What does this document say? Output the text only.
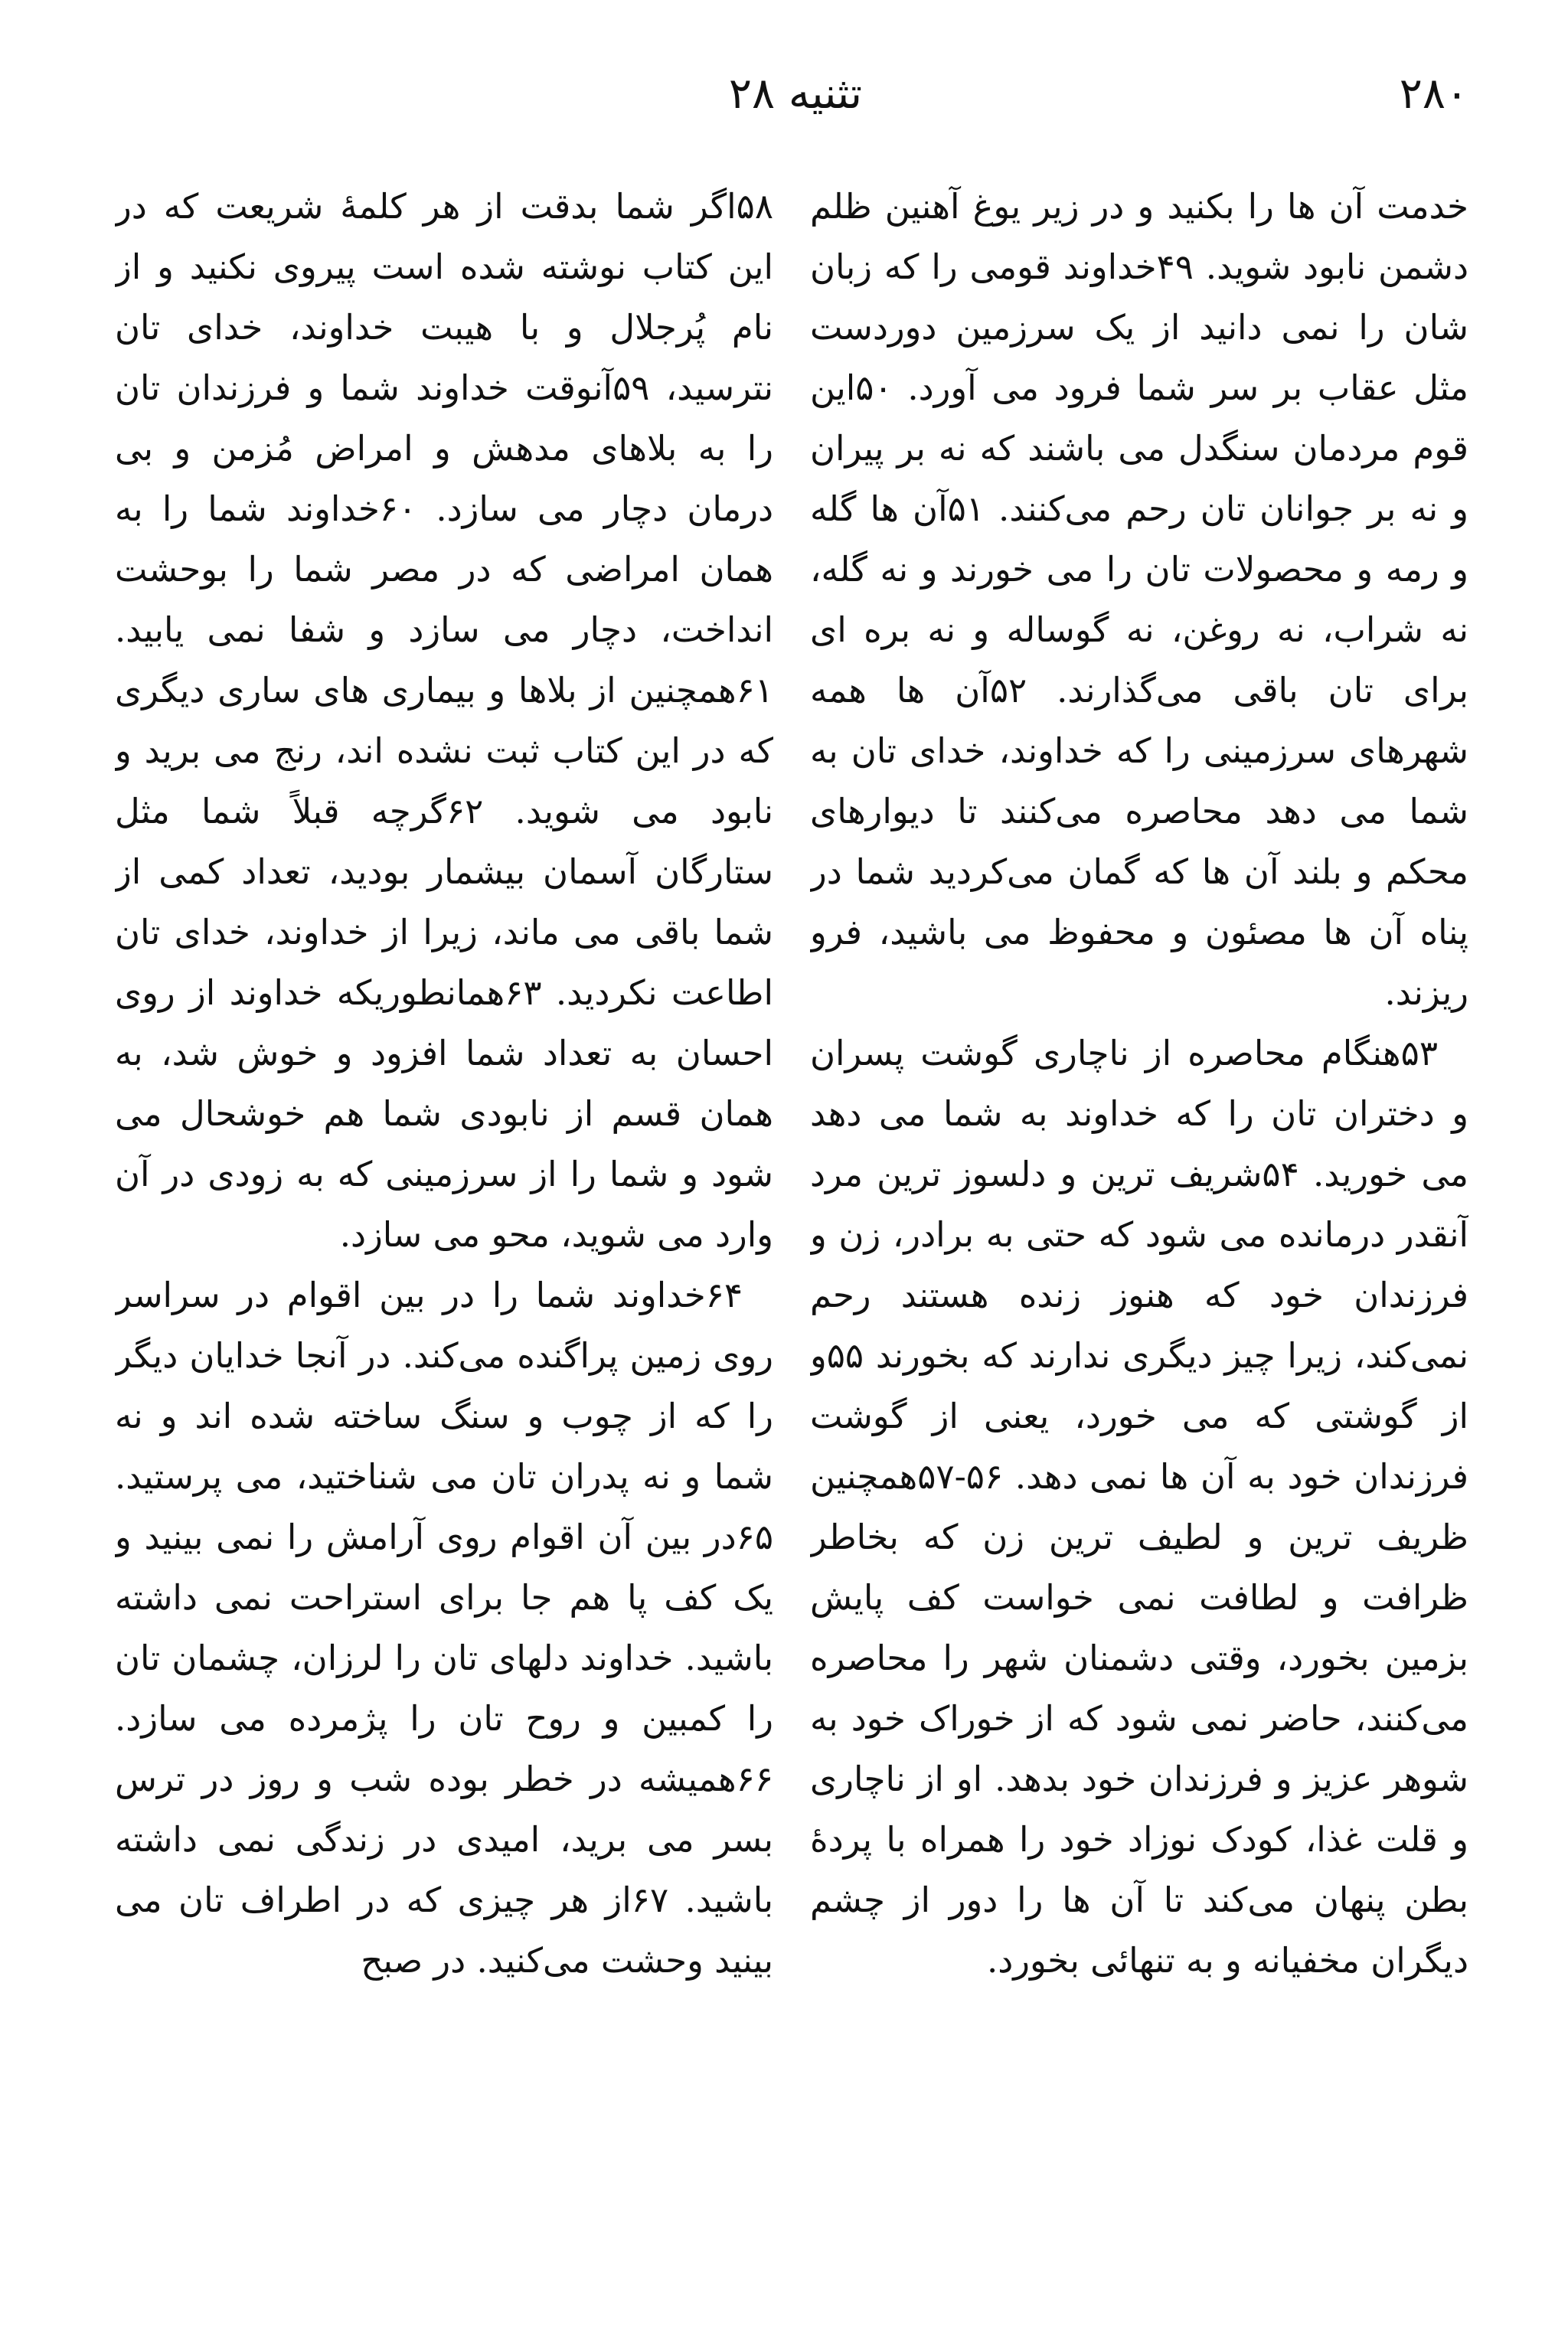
۲۸۰
تثنیه ۲۸

خدمت آن ها را بکنید و در زیر یوغ آهنین ظلم دشمن نابود شوید. ۴۹خداوند قومی را که زبان شان را نمی دانید از یک سرزمین دوردست مثل عقاب بر سر شما فرود می آورد. ۵۰این قوم مردمان سنگدل می باشند که نه بر پیران و نه بر جوانان تان رحم می‌کنند. ۵۱آن ها گله و رمه و محصولات تان را می خورند و نه گله، نه شراب، نه روغن، نه گوساله و نه بره ای برای تان باقی می‌گذارند. ۵۲آن ها همه شهرهای سرزمینی را که خداوند، خدای تان به شما می دهد محاصره می‌کنند تا دیوارهای محکم و بلند آن ها که گمان می‌کردید شما در پناه آن ها مصئون و محفوظ می باشید، فرو ریزند.

۵۳هنگام محاصره از ناچاری گوشت پسران و دختران تان را که خداوند به شما می دهد می خورید. ۵۴شریف ترین و دلسوز ترین مرد آنقدر درمانده می شود که حتی به برادر، زن و فرزندان خود که هنوز زنده هستند رحم نمی‌کند، زیرا چیز دیگری ندارند که بخورند ۵۵و از گوشتی که می خورد، یعنی از گوشت فرزندان خود به آن ها نمی دهد. ۵۶-۵۷همچنین ظریف ترین و لطیف ترین زن که بخاطر ظرافت و لطافت نمی خواست کف پایش بزمین بخورد، وقتی دشمنان شهر را محاصره می‌کنند، حاضر نمی شود که از خوراک خود به شوهر عزیز و فرزندان خود بدهد. او از ناچاری و قلت غذا، کودک نوزاد خود را همراه با پردهٔ بطن پنهان می‌کند تا آن ها را دور از چشم دیگران مخفیانه و به تنهائی بخورد.

۵۸اگر شما بدقت از هر کلمهٔ شریعت که در این کتاب نوشته شده است پیروی نکنید و از نام پُرجلال و با هیبت خداوند، خدای تان نترسید، ۵۹آنوقت خداوند شما و فرزندان تان را به بلاهای مدهش و امراض مُزمن و بی درمان دچار می سازد. ۶۰خداوند شما را به همان امراضی که در مصر شما را بوحشت انداخت، دچار می سازد و شفا نمی یابید. ۶۱همچنین از بلاها و بیماری های ساری دیگری که در این کتاب ثبت نشده اند، رنج می برید و نابود می شوید. ۶۲گرچه قبلاً شما مثل ستارگان آسمان بیشمار بودید، تعداد کمی از شما باقی می ماند، زیرا از خداوند، خدای تان اطاعت نکردید. ۶۳همانطوریکه خداوند از روی احسان به تعداد شما افزود و خوش شد، به همان قسم از نابودی شما هم خوشحال می شود و شما را از سرزمینی که به زودی در آن وارد می شوید، محو می سازد.

۶۴خداوند شما را در بین اقوام در سراسر روی زمین پراگنده می‌کند. در آنجا خدایان دیگر را که از چوب و سنگ ساخته شده اند و نه شما و نه پدران تان می شناختید، می پرستید. ۶۵در بین آن اقوام روی آرامش را نمی بینید و یک کف پا هم جا برای استراحت نمی داشته باشید. خداوند دلهای تان را لرزان، چشمان تان را کمبین و روح تان را پژمرده می سازد. ۶۶همیشه در خطر بوده شب و روز در ترس بسر می برید، امیدی در زندگی نمی داشته باشید. ۶۷از هر چیزی که در اطراف تان می بینید وحشت می‌کنید. در صبح
